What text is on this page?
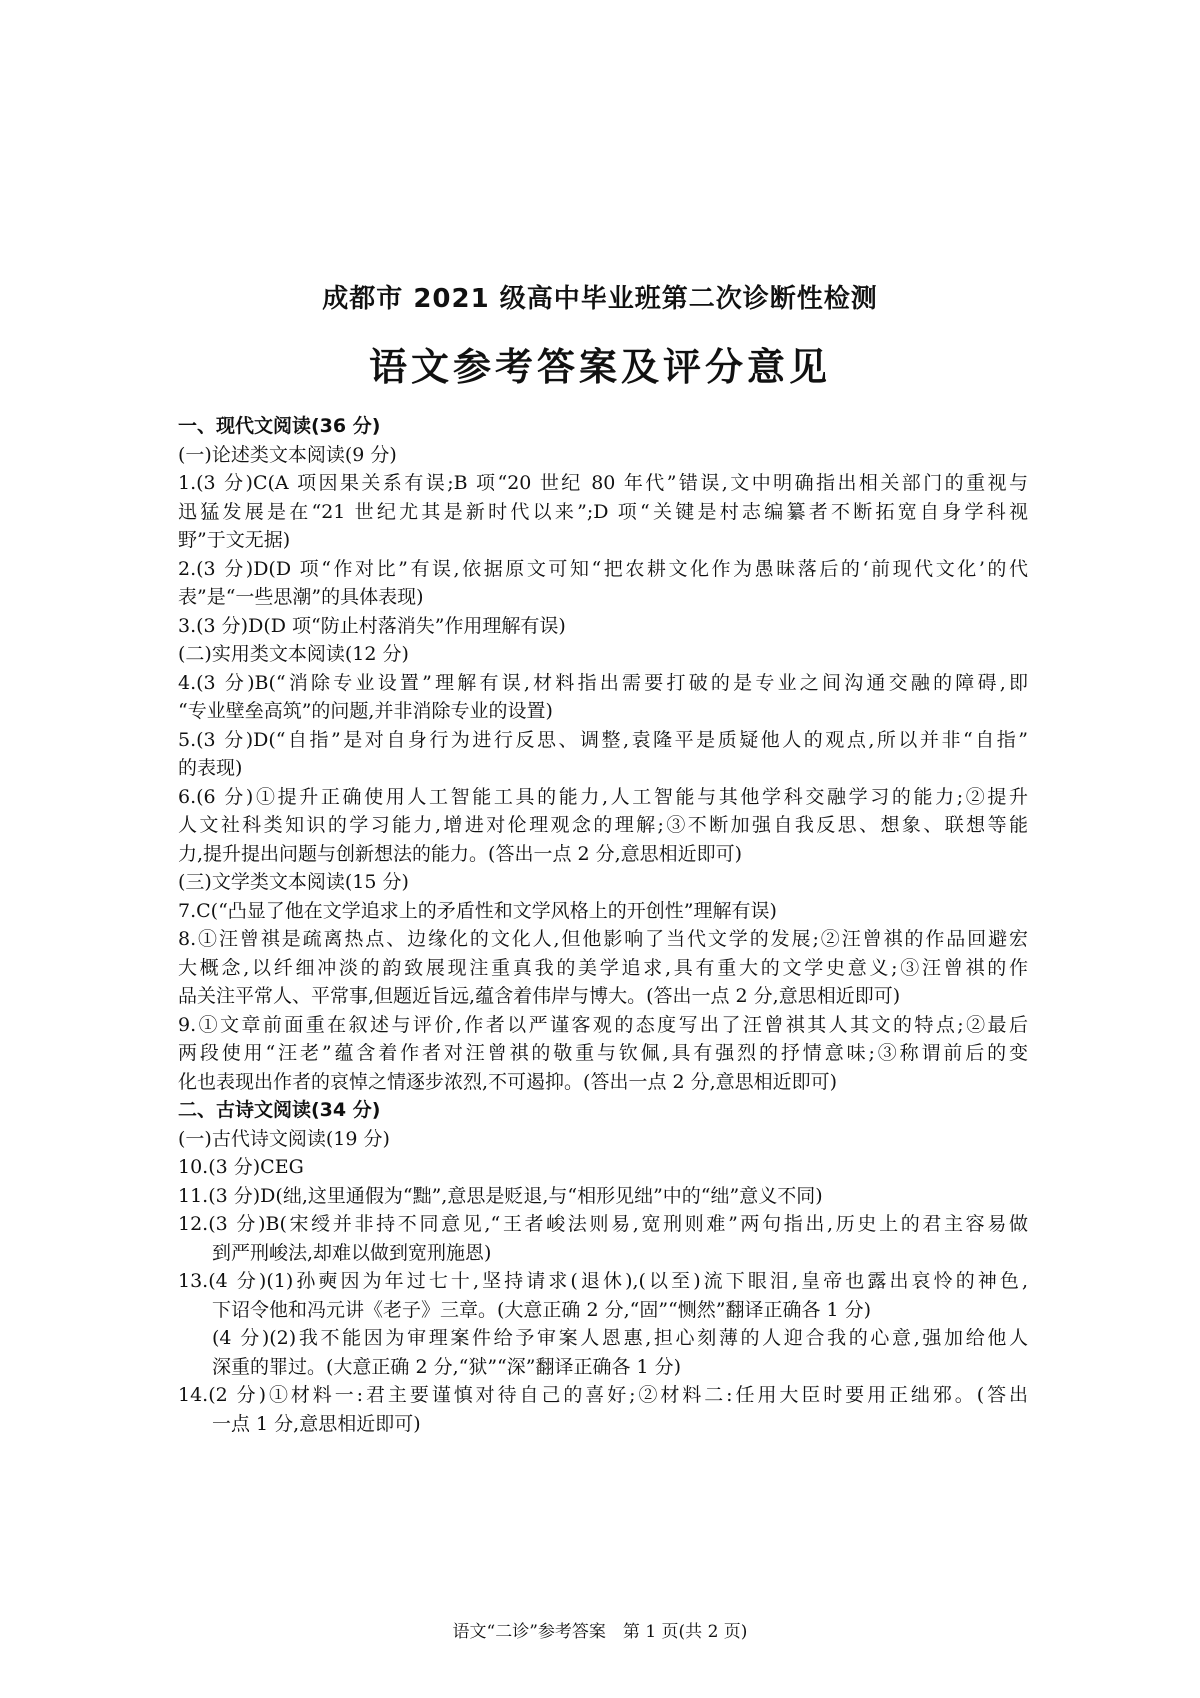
成都市 2021 级高中毕业班第二次诊断性检测
语文参考答案及评分意见
一、现代文阅读(36 分)
(一)论述类文本阅读(9 分)
1.(3 分)C(A 项因果关系有误;B 项“20 世纪 80 年代”错误,文中明确指出相关部门的重视与
迅猛发展是在“21 世纪尤其是新时代以来”;D 项“关键是村志编纂者不断拓宽自身学科视
野”于文无据)
2.(3 分)D(D 项“作对比”有误,依据原文可知“把农耕文化作为愚昧落后的‘前现代文化’的代
表”是“一些思潮”的具体表现)
3.(3 分)D(D 项“防止村落消失”作用理解有误)
(二)实用类文本阅读(12 分)
4.(3 分)B(“消除专业设置”理解有误,材料指出需要打破的是专业之间沟通交融的障碍,即
“专业壁垒高筑”的问题,并非消除专业的设置)
5.(3 分)D(“自指”是对自身行为进行反思、调整,袁隆平是质疑他人的观点,所以并非“自指”
的表现)
6.(6 分)①提升正确使用人工智能工具的能力,人工智能与其他学科交融学习的能力;②提升
人文社科类知识的学习能力,增进对伦理观念的理解;③不断加强自我反思、想象、联想等能
力,提升提出问题与创新想法的能力。(答出一点 2 分,意思相近即可)
(三)文学类文本阅读(15 分)
7.C(“凸显了他在文学追求上的矛盾性和文学风格上的开创性”理解有误)
8.①汪曾祺是疏离热点、边缘化的文化人,但他影响了当代文学的发展;②汪曾祺的作品回避宏
大概念,以纤细冲淡的韵致展现注重真我的美学追求,具有重大的文学史意义;③汪曾祺的作
品关注平常人、平常事,但题近旨远,蕴含着伟岸与博大。(答出一点 2 分,意思相近即可)
9.①文章前面重在叙述与评价,作者以严谨客观的态度写出了汪曾祺其人其文的特点;②最后
两段使用“汪老”蕴含着作者对汪曾祺的敬重与钦佩,具有强烈的抒情意味;③称谓前后的变
化也表现出作者的哀悼之情逐步浓烈,不可遏抑。(答出一点 2 分,意思相近即可)
二、古诗文阅读(34 分)
(一)古代诗文阅读(19 分)
10.(3 分)CEG
11.(3 分)D(绌,这里通假为“黜”,意思是贬退,与“相形见绌”中的“绌”意义不同)
12.(3 分)B(宋绶并非持不同意见,“王者峻法则易,宽刑则难”两句指出,历史上的君主容易做
到严刑峻法,却难以做到宽刑施恩)
13.(4 分)(1)孙奭因为年过七十,坚持请求(退休),(以至)流下眼泪,皇帝也露出哀怜的神色,
下诏令他和冯元讲《老子》三章。(大意正确 2 分,“固”“恻然”翻译正确各 1 分)
(4 分)(2)我不能因为审理案件给予审案人恩惠,担心刻薄的人迎合我的心意,强加给他人
深重的罪过。(大意正确 2 分,“狱”“深”翻译正确各 1 分)
14.(2 分)①材料一:君主要谨慎对待自己的喜好;②材料二:任用大臣时要用正绌邪。(答出
一点 1 分,意思相近即可)
语文“二诊”参考答案　第 1 页(共 2 页)
